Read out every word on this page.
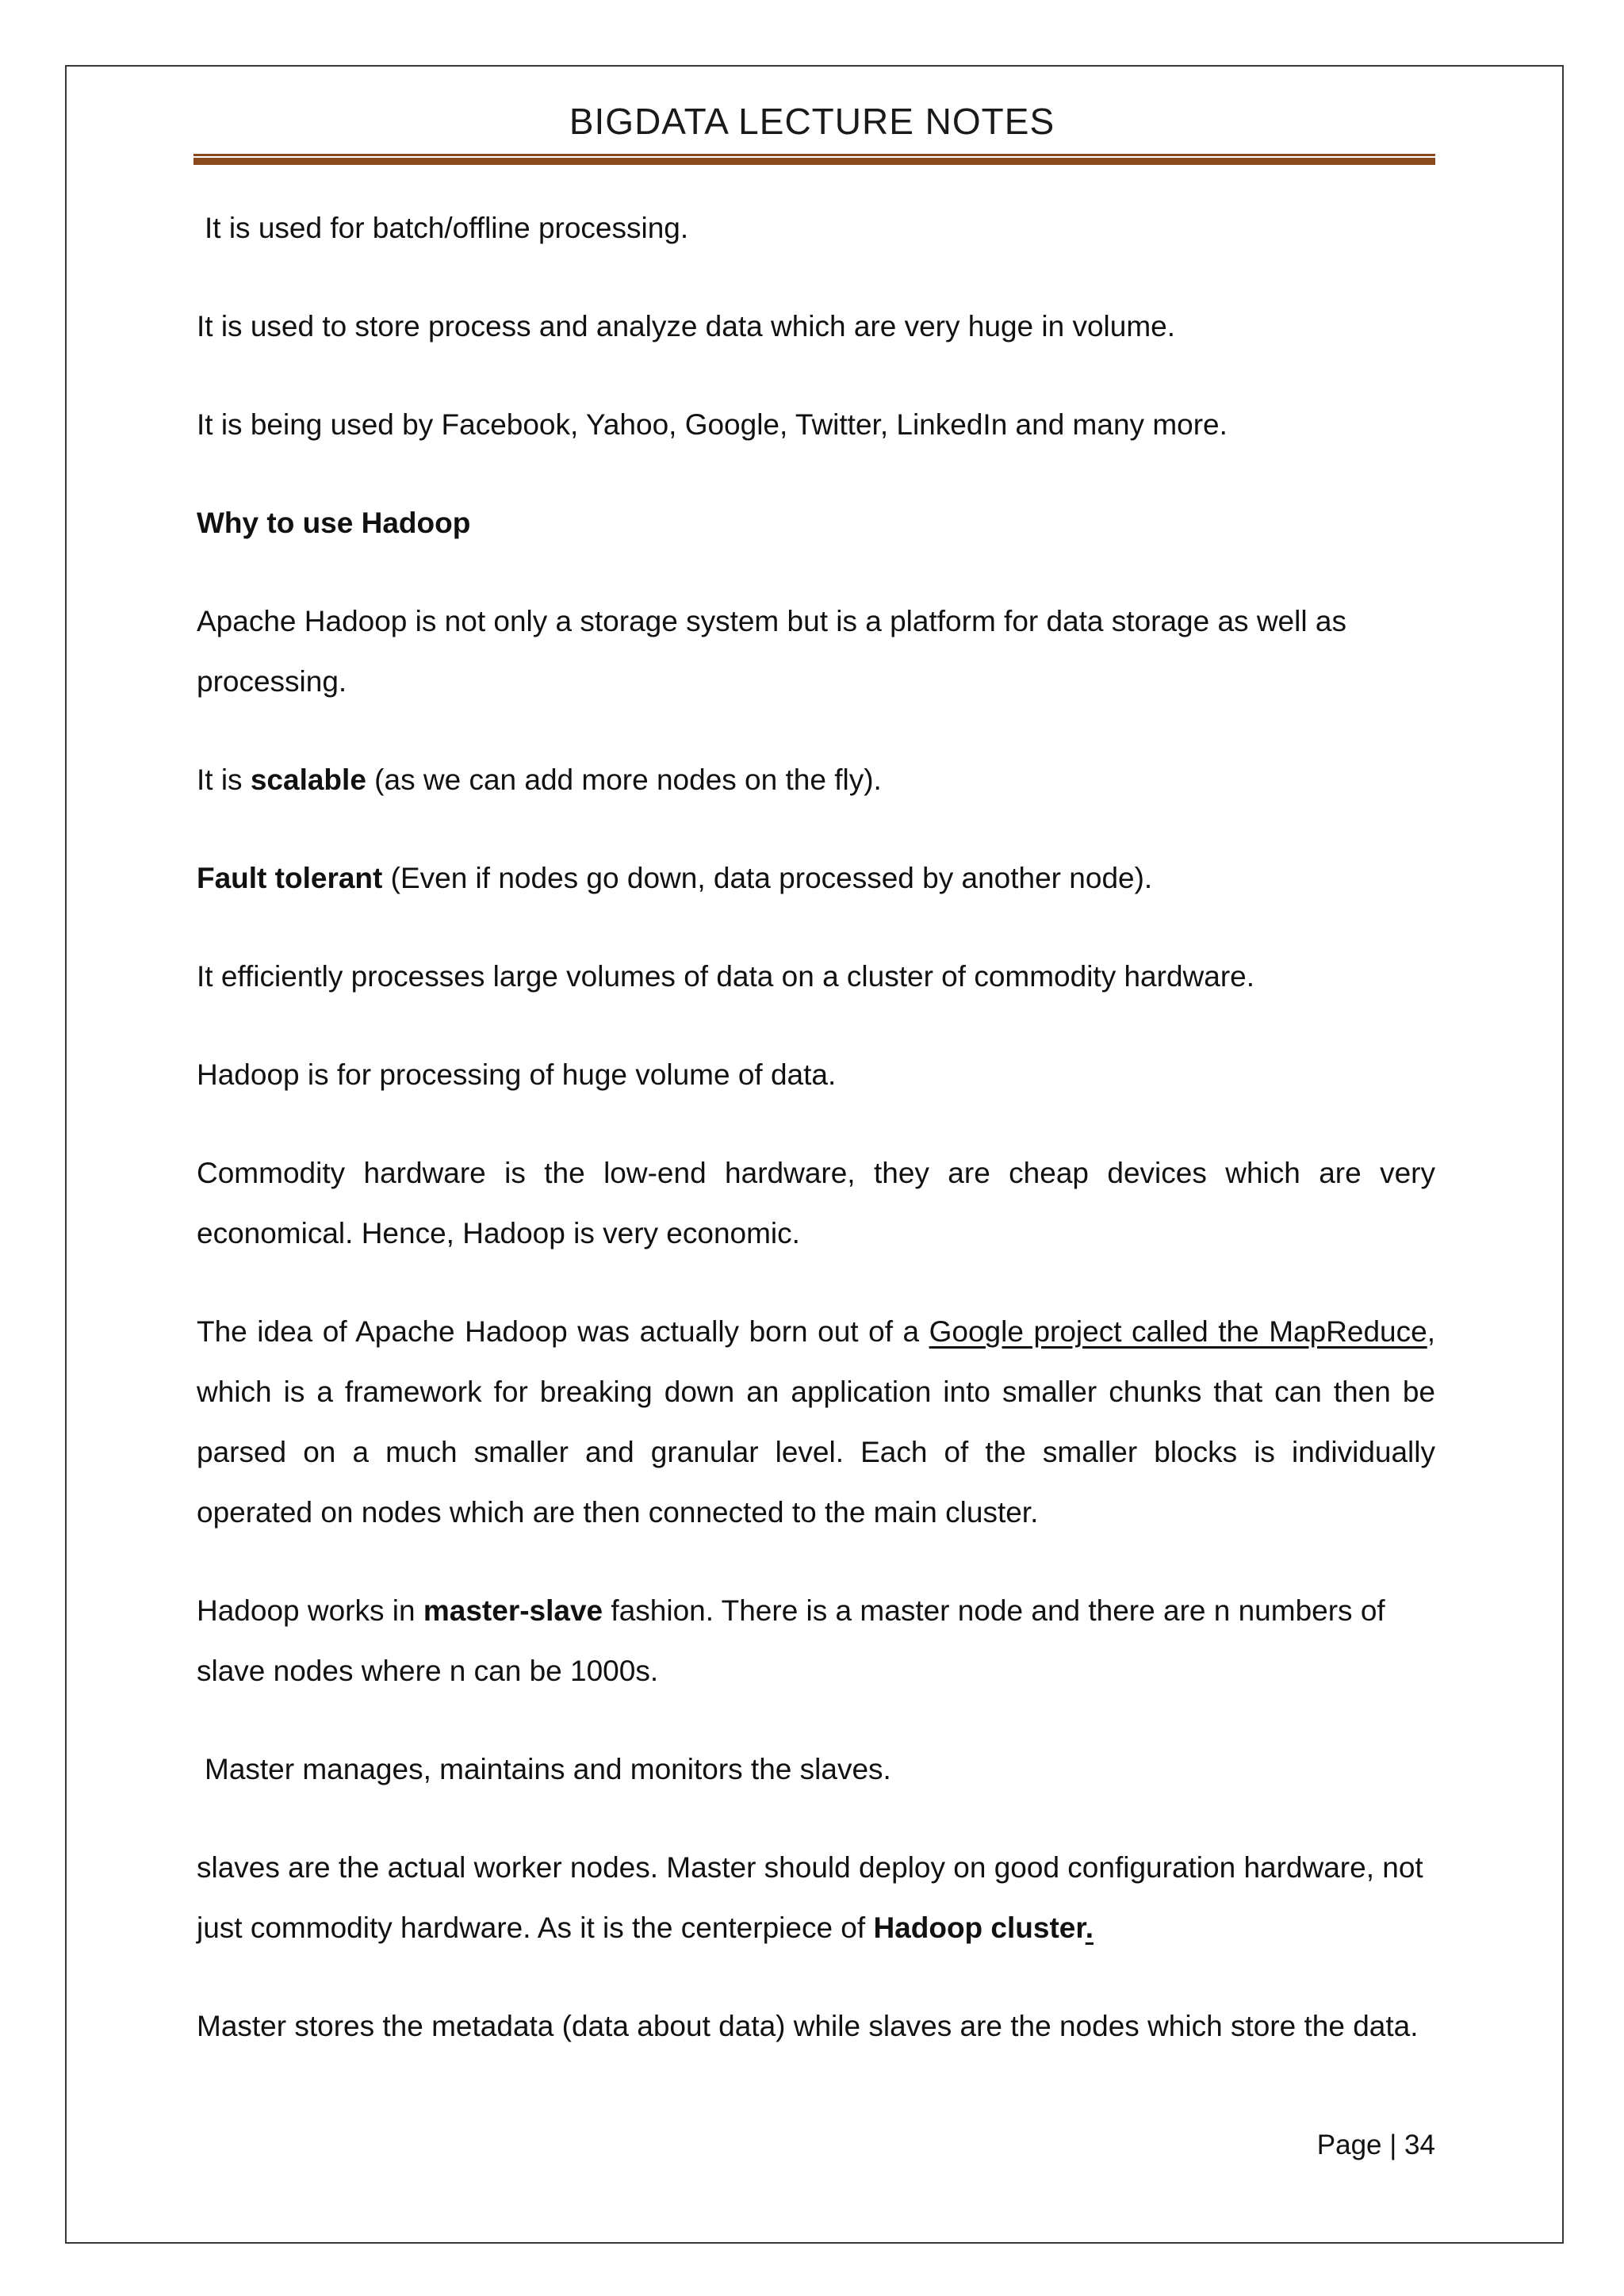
BIGDATA LECTURE NOTES

It is used for batch/offline processing.

It is used to store process and analyze data which are very huge in volume.

It is being used by Facebook, Yahoo, Google, Twitter, LinkedIn and many more.

Why to use Hadoop

Apache Hadoop is not only a storage system but is a platform for data storage as well as processing.

It is scalable (as we can add more nodes on the fly).

Fault tolerant (Even if nodes go down, data processed by another node).

It efficiently processes large volumes of data on a cluster of commodity hardware.

Hadoop is for processing of huge volume of data.

Commodity hardware is the low-end hardware, they are cheap devices which are very economical. Hence, Hadoop is very economic.

The idea of Apache Hadoop was actually born out of a Google project called the MapReduce, which is a framework for breaking down an application into smaller chunks that can then be parsed on a much smaller and granular level. Each of the smaller blocks is individually operated on nodes which are then connected to the main cluster.

Hadoop works in master-slave fashion. There is a master node and there are n numbers of slave nodes where n can be 1000s.

Master manages, maintains and monitors the slaves.

slaves are the actual worker nodes. Master should deploy on good configuration hardware, not just commodity hardware. As it is the centerpiece of Hadoop cluster.

Master stores the metadata (data about data) while slaves are the nodes which store the data.

Page | 34
